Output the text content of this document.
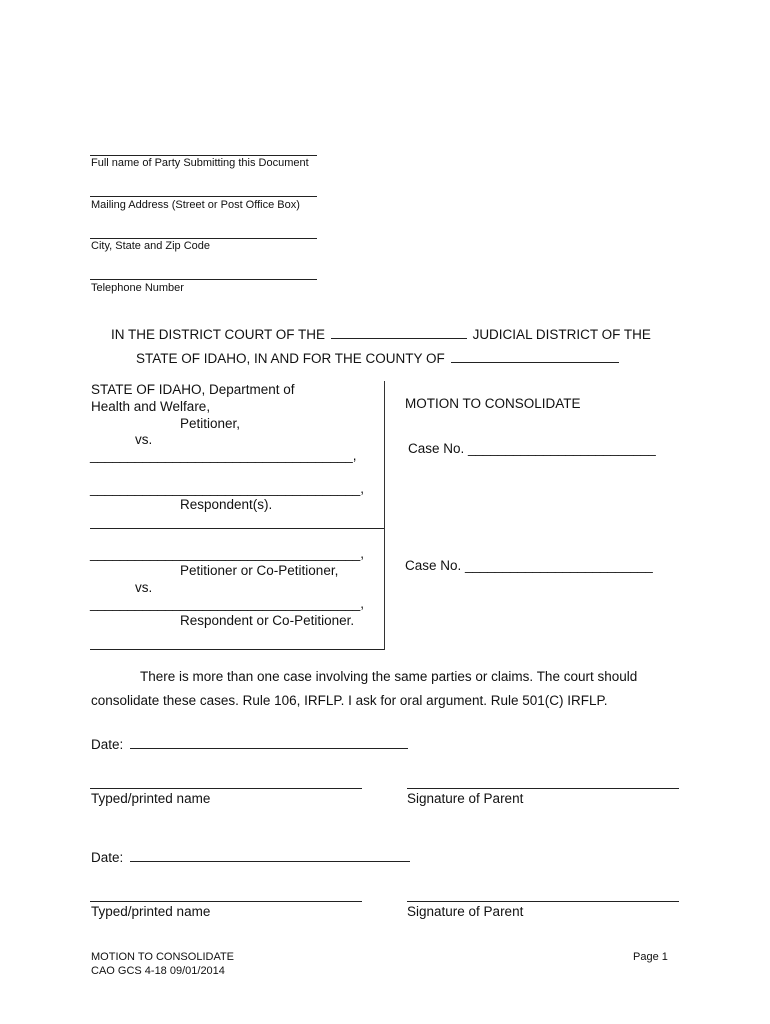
Full name of Party Submitting this Document
Mailing Address (Street or Post Office Box)
City, State and Zip Code
Telephone Number
IN THE DISTRICT COURT OF THE	JUDICIAL DISTRICT OF THE
STATE OF IDAHO, IN AND FOR THE COUNTY OF
STATE OF IDAHO, Department of
Health and Welfare,
Petitioner,
vs.
___________________________________,
____________________________________,
Respondent(s).
____________________________________,
Petitioner or Co-Petitioner,
vs.
____________________________________,
Respondent or Co-Petitioner.
MOTION TO CONSOLIDATE
Case No. _________________________
Case No. _________________________
There is more than one case involving the same parties or claims. The court should
consolidate these cases. Rule 106, IRFLP. I ask for oral argument. Rule 501(C) IRFLP.
Date:
Typed/printed name	Signature of Parent
Date:
Typed/printed name	Signature of Parent
MOTION TO CONSOLIDATE
CAO GCS 4-18 09/01/2014
Page 1
